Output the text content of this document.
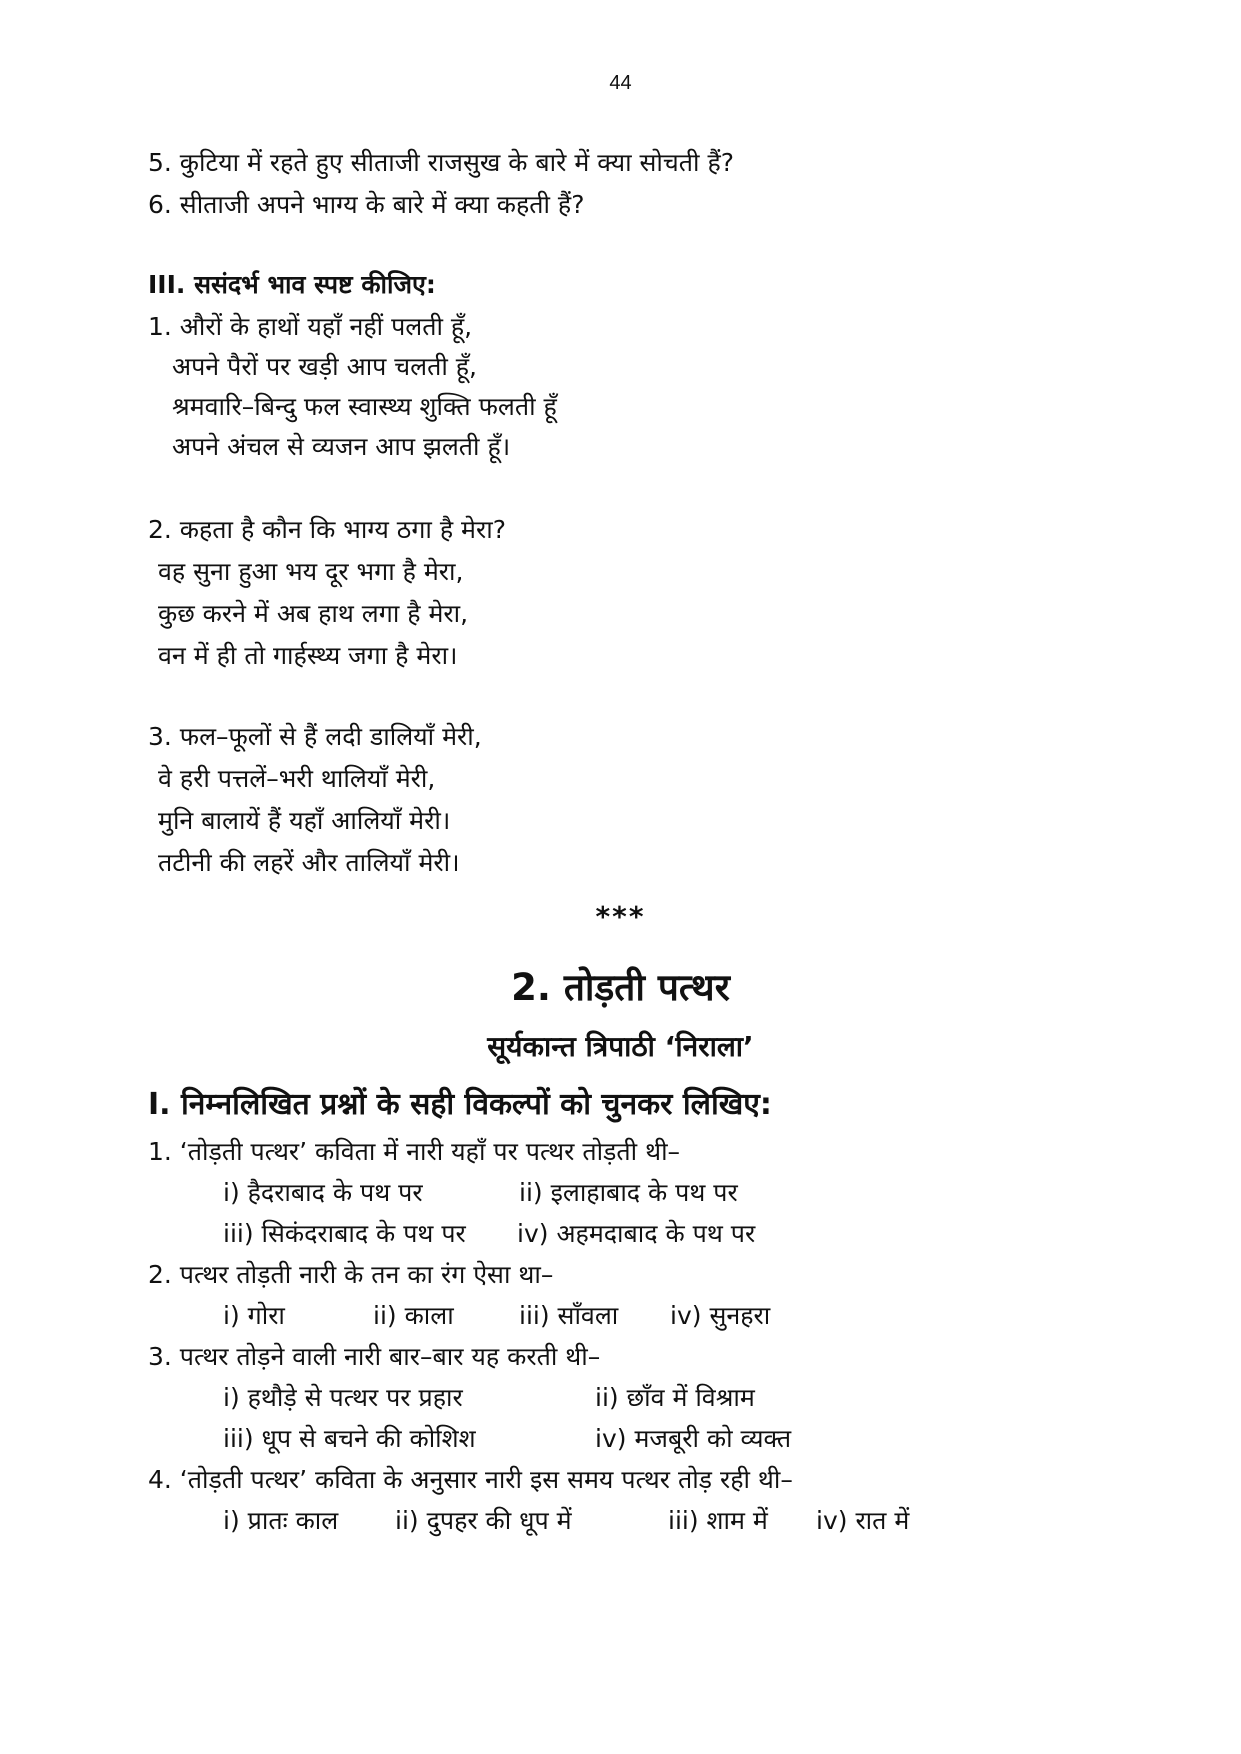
44
5. कुटिया में रहते हुए सीताजी राजसुख के बारे में क्या सोचती हैं?
6. सीताजी अपने भाग्य के बारे में क्या कहती हैं?
III. ससंदर्भ भाव स्पष्ट कीजिए:
1. औरों के हाथों यहाँ नहीं पलती हूँ,
अपने पैरों पर खड़ी आप चलती हूँ,
श्रमवारि–बिन्दु फल स्वास्थ्य शुक्ति फलती हूँ
अपने अंचल से व्यजन आप झलती हूँ।
2. कहता है कौन कि भाग्य ठगा है मेरा?
वह सुना हुआ भय दूर भगा है मेरा,
कुछ करने में अब हाथ लगा है मेरा,
वन में ही तो गार्हस्थ्य जगा है मेरा।
3. फल–फूलों से हैं लदी डालियाँ मेरी,
वे हरी पत्तलें–भरी थालियाँ मेरी,
मुनि बालायें हैं यहाँ आलियाँ मेरी।
तटीनी की लहरें और तालियाँ मेरी।
***
2. तोड़ती पत्थर
सूर्यकान्त त्रिपाठी ‘निराला’
I. निम्नलिखित प्रश्नों के सही विकल्पों को चुनकर लिखिए:
1. ‘तोड़ती पत्थर’ कविता में नारी यहाँ पर पत्थर तोड़ती थी–
i) हैदराबाद के पथ पर	ii) इलाहाबाद के पथ पर
iii) सिकंदराबाद के पथ पर iv) अहमदाबाद के पथ पर
2. पत्थर तोड़ती नारी के तन का रंग ऐसा था–
i) गोरा	ii) काला	iii) साँवला iv) सुनहरा
3. पत्थर तोड़ने वाली नारी बार–बार यह करती थी–
i) हथौड़े से पत्थर पर प्रहार	ii) छाँव में विश्राम
iii) धूप से बचने की कोशिश	iv) मजबूरी को व्यक्त
4. ‘तोड़ती पत्थर’ कविता के अनुसार नारी इस समय पत्थर तोड़ रही थी–
i) प्रातः काल ii) दुपहर की धूप में	iii) शाम में iv) रात में
